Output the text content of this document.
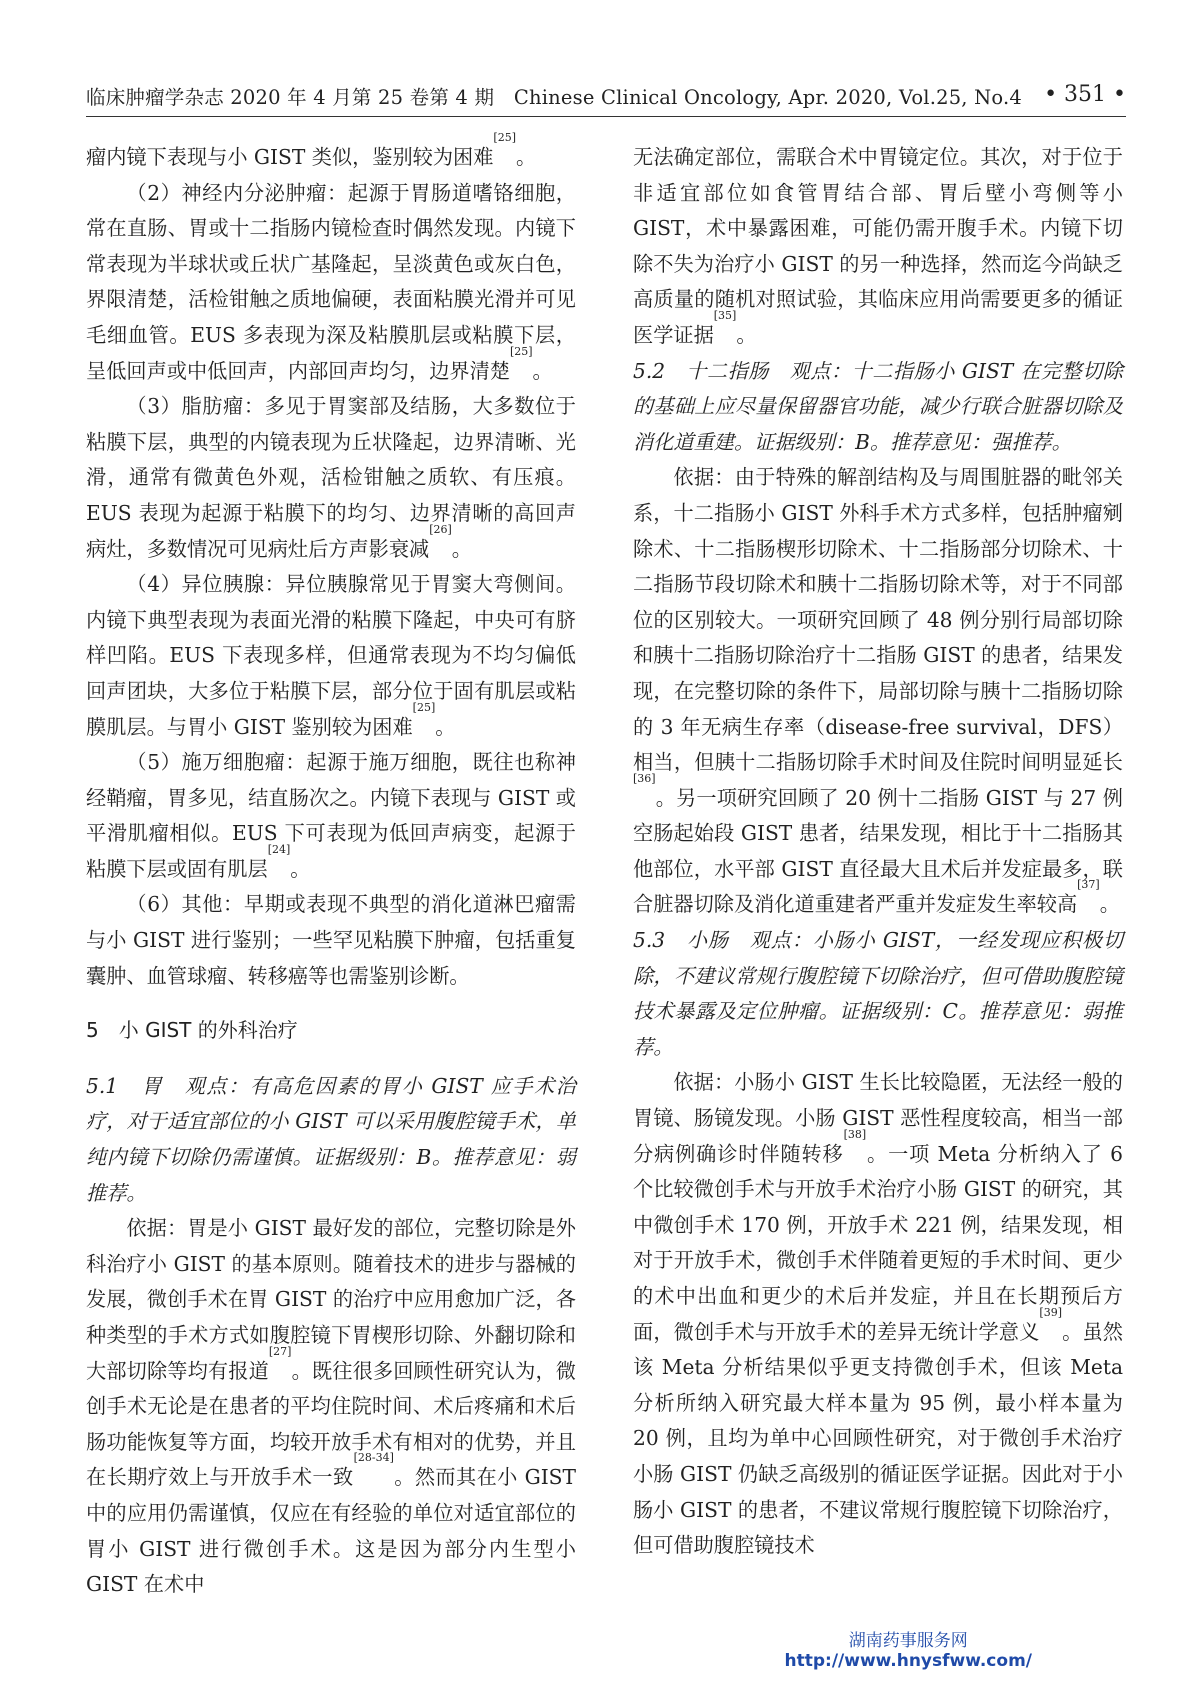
临床肿瘤学杂志 2020 年 4 月第 25 卷第 4 期　Chinese Clinical Oncology, Apr. 2020, Vol.25, No.4 • 351 •

瘤内镜下表现与小 GIST 类似，鉴别较为困难[25]。

（2）神经内分泌肿瘤：起源于胃肠道嗜铬细胞，常在直肠、胃或十二指肠内镜检查时偶然发现。内镜下常表现为半球状或丘状广基隆起，呈淡黄色或灰白色，界限清楚，活检钳触之质地偏硬，表面粘膜光滑并可见毛细血管。EUS 多表现为深及粘膜肌层或粘膜下层，呈低回声或中低回声，内部回声均匀，边界清楚[25]。

（3）脂肪瘤：多见于胃窦部及结肠，大多数位于粘膜下层，典型的内镜表现为丘状隆起，边界清晰、光滑，通常有微黄色外观，活检钳触之质软、有压痕。EUS 表现为起源于粘膜下的均匀、边界清晰的高回声病灶，多数情况可见病灶后方声影衰减[26]。

（4）异位胰腺：异位胰腺常见于胃窦大弯侧间。内镜下典型表现为表面光滑的粘膜下隆起，中央可有脐样凹陷。EUS 下表现多样，但通常表现为不均匀偏低回声团块，大多位于粘膜下层，部分位于固有肌层或粘膜肌层。与胃小 GIST 鉴别较为困难[25]。

（5）施万细胞瘤：起源于施万细胞，既往也称神经鞘瘤，胃多见，结直肠次之。内镜下表现与 GIST 或平滑肌瘤相似。EUS 下可表现为低回声病变，起源于粘膜下层或固有肌层[24]。

（6）其他：早期或表现不典型的消化道淋巴瘤需与小 GIST 进行鉴别；一些罕见粘膜下肿瘤，包括重复囊肿、血管球瘤、转移癌等也需鉴别诊断。

5　小 GIST 的外科治疗

5.1　胃　观点：有高危因素的胃小 GIST 应手术治疗，对于适宜部位的小 GIST 可以采用腹腔镜手术，单纯内镜下切除仍需谨慎。证据级别：B。推荐意见：弱推荐。

依据：胃是小 GIST 最好发的部位，完整切除是外科治疗小 GIST 的基本原则。随着技术的进步与器械的发展，微创手术在胃 GIST 的治疗中应用愈加广泛，各种类型的手术方式如腹腔镜下胃楔形切除、外翻切除和大部切除等均有报道[27]。既往很多回顾性研究认为，微创手术无论是在患者的平均住院时间、术后疼痛和术后肠功能恢复等方面，均较开放手术有相对的优势，并且在长期疗效上与开放手术一致[28-34]。然而其在小 GIST 中的应用仍需谨慎，仅应在有经验的单位对适宜部位的胃小 GIST 进行微创手术。这是因为部分内生型小 GIST 在术中

无法确定部位，需联合术中胃镜定位。其次，对于位于非适宜部位如食管胃结合部、胃后壁小弯侧等小 GIST，术中暴露困难，可能仍需开腹手术。内镜下切除不失为治疗小 GIST 的另一种选择，然而迄今尚缺乏高质量的随机对照试验，其临床应用尚需要更多的循证医学证据[35]。

5.2　十二指肠　观点：十二指肠小 GIST 在完整切除的基础上应尽量保留器官功能，减少行联合脏器切除及消化道重建。证据级别：B。推荐意见：强推荐。

依据：由于特殊的解剖结构及与周围脏器的毗邻关系，十二指肠小 GIST 外科手术方式多样，包括肿瘤剜除术、十二指肠楔形切除术、十二指肠部分切除术、十二指肠节段切除术和胰十二指肠切除术等，对于不同部位的区别较大。一项研究回顾了 48 例分别行局部切除和胰十二指肠切除治疗十二指肠 GIST 的患者，结果发现，在完整切除的条件下，局部切除与胰十二指肠切除的 3 年无病生存率（disease-free survival，DFS）相当，但胰十二指肠切除手术时间及住院时间明显延长[36]。另一项研究回顾了 20 例十二指肠 GIST 与 27 例空肠起始段 GIST 患者，结果发现，相比于十二指肠其他部位，水平部 GIST 直径最大且术后并发症最多，联合脏器切除及消化道重建者严重并发症发生率较高[37]。

5.3　小肠　观点：小肠小 GIST，一经发现应积极切除，不建议常规行腹腔镜下切除治疗，但可借助腹腔镜技术暴露及定位肿瘤。证据级别：C。推荐意见：弱推荐。

依据：小肠小 GIST 生长比较隐匿，无法经一般的胃镜、肠镜发现。小肠 GIST 恶性程度较高，相当一部分病例确诊时伴随转移[38]。一项 Meta 分析纳入了 6 个比较微创手术与开放手术治疗小肠 GIST 的研究，其中微创手术 170 例，开放手术 221 例，结果发现，相对于开放手术，微创手术伴随着更短的手术时间、更少的术中出血和更少的术后并发症，并且在长期预后方面，微创手术与开放手术的差异无统计学意义[39]。虽然该 Meta 分析结果似乎更支持微创手术，但该 Meta 分析所纳入研究最大样本量为 95 例，最小样本量为 20 例，且均为单中心回顾性研究，对于微创手术治疗小肠 GIST 仍缺乏高级别的循证医学证据。因此对于小肠小 GIST 的患者，不建议常规行腹腔镜下切除治疗，但可借助腹腔镜技术

湖南药事服务网
http://www.hnysfww.com/
